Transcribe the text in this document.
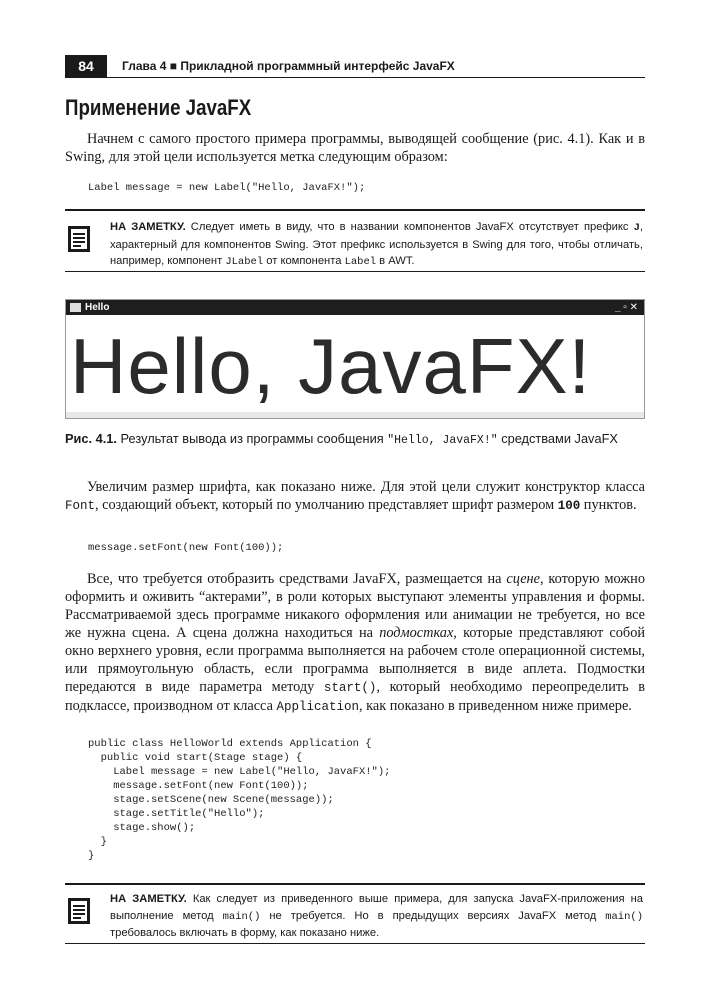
84	Глава 4 ■ Прикладной программный интерфейс JavaFX
Применение JavaFX
Начнем с самого простого примера программы, выводящей сообщение (рис. 4.1). Как и в Swing, для этой цели используется метка следующим образом:
Label message = new Label("Hello, JavaFX!");
НА ЗАМЕТКУ. Следует иметь в виду, что в названии компонентов JavaFX отсутствует префикс J, характерный для компонентов Swing. Этот префикс используется в Swing для того, чтобы отличать, например, компонент JLabel от компонента Label в AWT.
Hello	_ ▫ ✕
Hello, JavaFX!
Рис. 4.1. Результат вывода из программы сообщения "Hello, JavaFX!" средствами JavaFX
Увеличим размер шрифта, как показано ниже. Для этой цели служит конструктор класса Font, создающий объект, который по умолчанию представляет шрифт размером 100 пунктов.
message.setFont(new Font(100));
Все, что требуется отобразить средствами JavaFX, размещается на сцене, которую можно оформить и оживить “актерами”, в роли которых выступают элементы управления и формы. Рассматриваемой здесь программе никакого оформления или анимации не требуется, но все же нужна сцена. А сцена должна находиться на подмостках, которые представляют собой окно верхнего уровня, если программа выполняется на рабочем столе операционной системы, или прямоугольную область, если программа выполняется в виде аплета. Подмостки передаются в виде параметра методу start(), который необходимо переопределить в подклассе, производном от класса Application, как показано в приведенном ниже примере.
public class HelloWorld extends Application {
public void start(Stage stage) {
Label message = new Label("Hello, JavaFX!");
message.setFont(new Font(100));
stage.setScene(new Scene(message));
stage.setTitle("Hello");
stage.show();
}
}
НА ЗАМЕТКУ. Как следует из приведенного выше примера, для запуска JavaFX-приложения на выполнение метод main() не требуется. Но в предыдущих версиях JavaFX метод main() требовалось включать в форму, как показано ниже.
